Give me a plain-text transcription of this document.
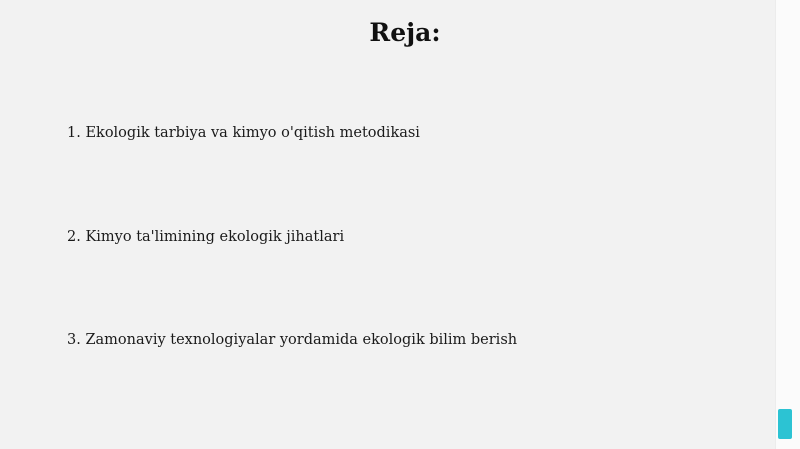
Reja:
1. Ekologik tarbiya va kimyo o'qitish metodikasi
2. Kimyo ta'limining ekologik jihatlari
3. Zamonaviy texnologiyalar yordamida ekologik bilim berish
